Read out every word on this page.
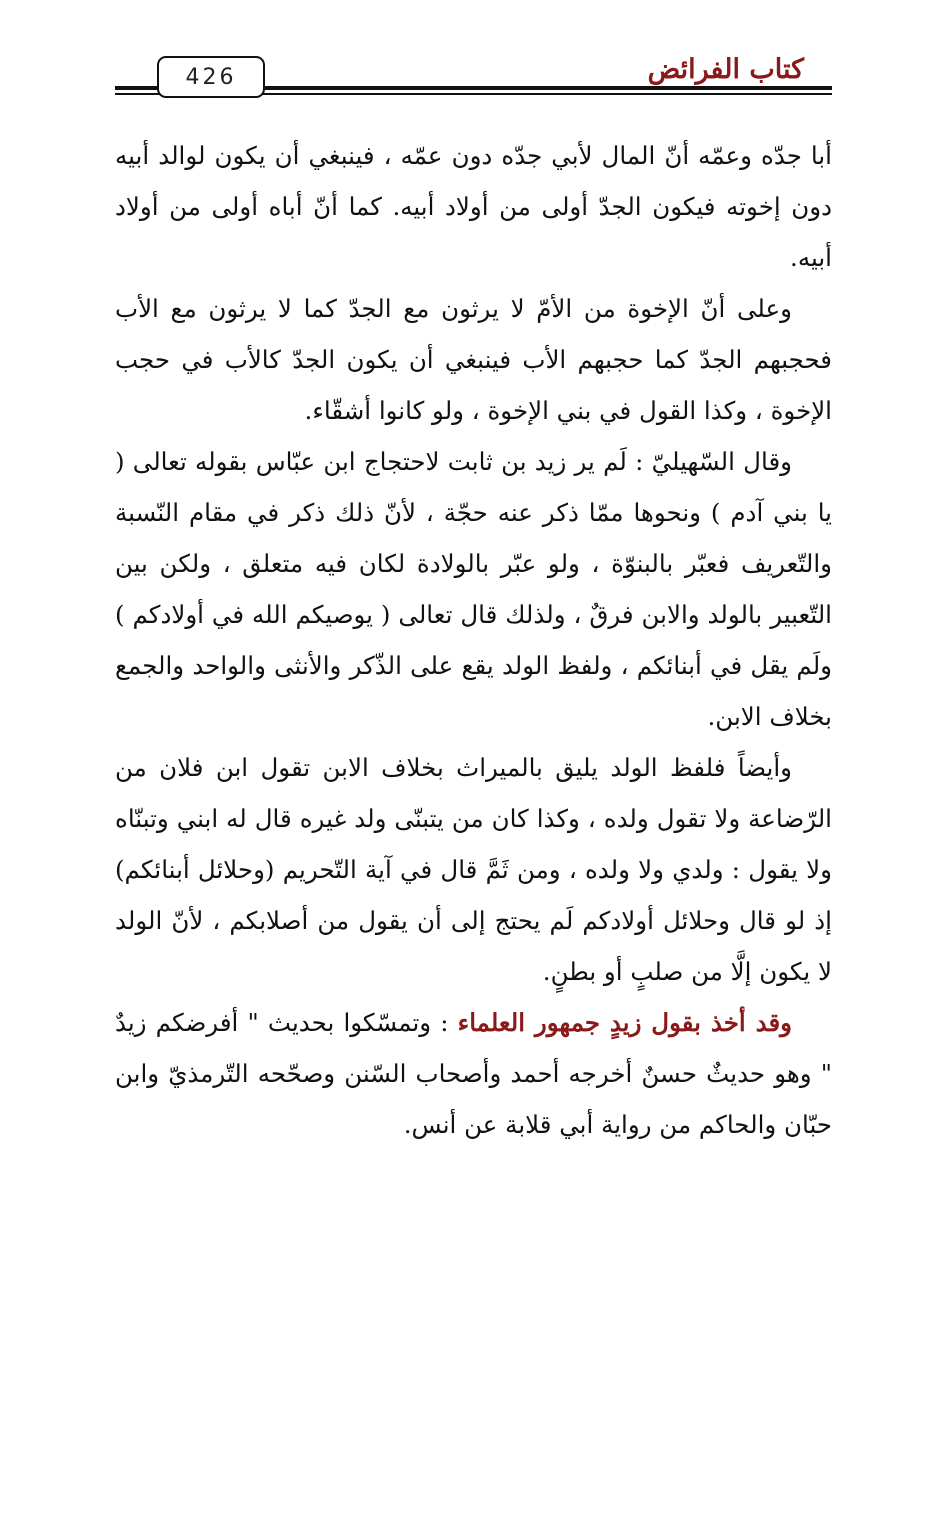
426	كتاب الفرائض

أبا جدّه وعمّه أنّ المال لأبي جدّه دون عمّه ، فينبغي أن يكون لوالد أبيه دون إخوته فيكون الجدّ أولى من أولاد أبيه. كما أنّ أباه أولى من أولاد أبيه.

وعلى أنّ الإخوة من الأمّ لا يرثون مع الجدّ كما لا يرثون مع الأب فحجبهم الجدّ كما حجبهم الأب فينبغي أن يكون الجدّ كالأب في حجب الإخوة ، وكذا القول في بني الإخوة ، ولو كانوا أشقّاء.

وقال السّهيليّ : لَم ير زيد بن ثابت لاحتجاج ابن عبّاس بقوله تعالى ( يا بني آدم ) ونحوها ممّا ذكر عنه حجّة ، لأنّ ذلك ذكر في مقام النّسبة والتّعريف فعبّر بالبنوّة ، ولو عبّر بالولادة لكان فيه متعلق ، ولكن بين التّعبير بالولد والابن فرقٌ ، ولذلك قال تعالى ( يوصيكم الله في أولادكم ) ولَم يقل في أبنائكم ، ولفظ الولد يقع على الذّكر والأنثى والواحد والجمع بخلاف الابن.

وأيضاً فلفظ الولد يليق بالميراث بخلاف الابن تقول ابن فلان من الرّضاعة ولا تقول ولده ، وكذا كان من يتبنّى ولد غيره قال له ابني وتبنّاه ولا يقول : ولدي ولا ولده ، ومن ثَمَّ قال في آية التّحريم (وحلائل أبنائكم) إذ لو قال وحلائل أولادكم لَم يحتج إلى أن يقول من أصلابكم ، لأنّ الولد لا يكون إلَّا من صلبٍ أو بطنٍ.

وقد أخذ بقول زيدٍ جمهور العلماء : وتمسّكوا بحديث " أفرضكم زيدٌ " وهو حديثٌ حسنٌ أخرجه أحمد وأصحاب السّنن وصحّحه التّرمذيّ وابن حبّان والحاكم من رواية أبي قلابة عن أنس.
